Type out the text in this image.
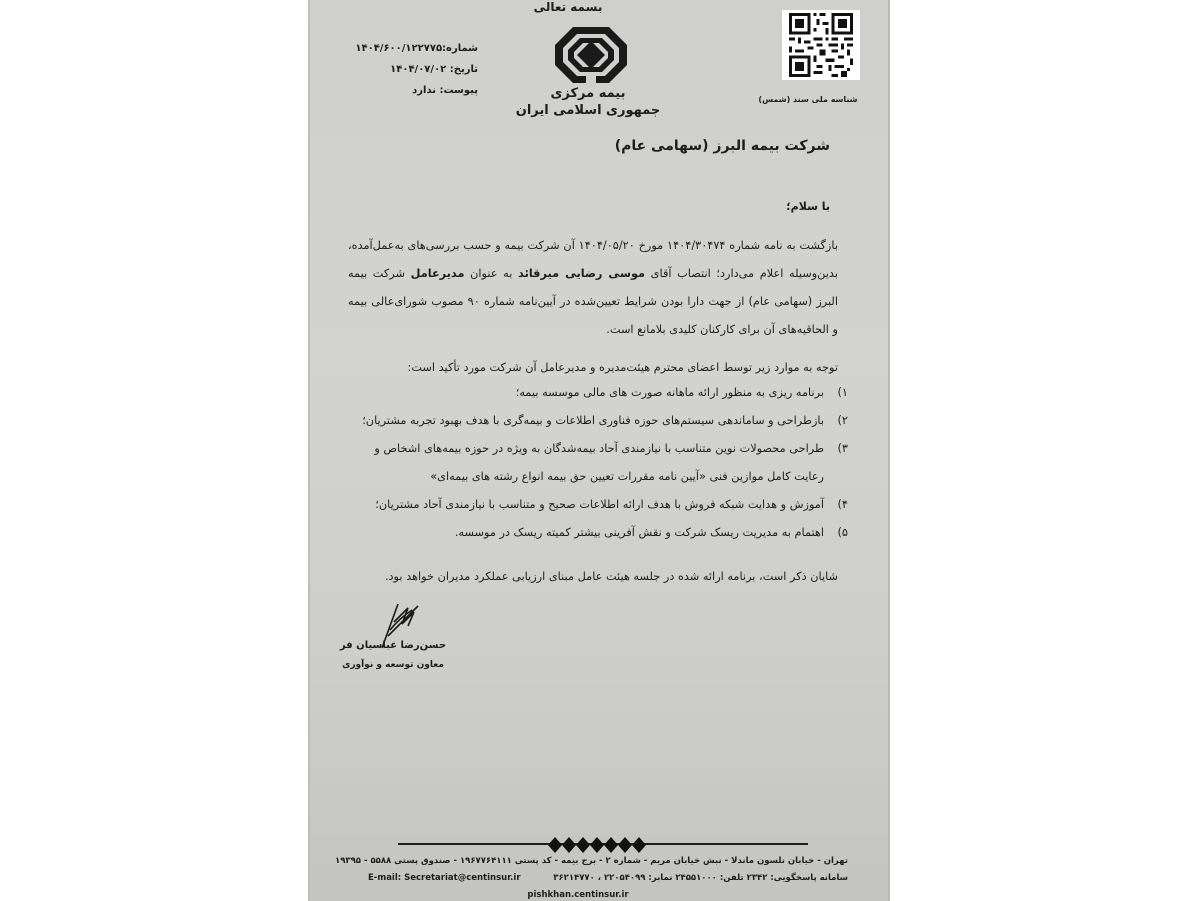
بسمه تعالی
شماره:۱۴۰۴/۶۰۰/۱۲۲۷۷۵
تاریخ: ۱۴۰۴/۰۷/۰۲
پیوست: ندارد	بیمه مرکزی
جمهوری اسلامی ایران
شناسه ملی سند (شمس)
شرکت بیمه البرز (سهامی عام)
با سلام؛
بازگشت به نامه شماره ۱۴۰۴/۳۰۴۷۴ مورخ ۱۴۰۴/۰۵/۲۰ آن شرکت بیمه و حسب بررسی‌های به‌عمل‌آمده، بدین‌وسیله اعلام می‌دارد؛ انتصاب آقای موسی رضایی میرقائد به عنوان مدیرعامل شرکت بیمه البرز (سهامی عام) از جهت دارا بودن شرایط تعیین‌شده در آیین‌نامه شماره ۹۰ مصوب شورای‌عالی بیمه و الحاقیه‌های آن برای کارکنان کلیدی بلامانع است.
توجه به موارد زیر توسط اعضای محترم هیئت‌مدیره و مدیرعامل آن شرکت مورد تأکید است:
۱)
برنامه ریزی به منظور ارائه ماهانه صورت های مالی موسسه بیمه؛
۲)
بازطراحی و ساماندهی سیستم‌های حوزه فناوری اطلاعات و بیمه‌گری با هدف بهبود تجربه مشتریان؛
۳)
طراحی محصولات نوین متناسب با نیازمندی آحاد بیمه‌شدگان به ویژه در حوزه بیمه‌های اشخاص و رعایت کامل موازین فنی «آیین نامه مقررات تعیین حق بیمه انواع رشته های بیمه‌ای»
۴)
آموزش و هدایت شبکه فروش با هدف ارائه اطلاعات صحیح و متناسب با نیازمندی آحاد مشتریان؛
۵)
اهتمام به مدیریت ریسک شرکت و نقش آفرینی بیشتر کمیته ریسک در موسسه.
شایان ذکر است، برنامه ارائه شده در جلسه هیئت عامل مبنای ارزیابی عملکرد مدیران خواهد بود.
حسن‌رضا عباسیان فر
معاون توسعه و نوآوری
تهران - خیابان نلسون ماندلا - نبش خیابان مریم - شماره ۲ - برج بیمه - کد پستی ۱۹۶۷۷۶۴۱۱۱ - صندوق پستی ۵۵۸۸ - ۱۹۳۹۵
E-mail: Secretariat@centinsur.ir	سامانه پاسخگویی: ۲۳۴۲ تلفن: ۲۴۵۵۱۰۰۰ نمابر: ۲۲۰۵۴۰۹۹ ، ۳۶۲۱۴۷۷۰
pishkhan.centinsur.ir
